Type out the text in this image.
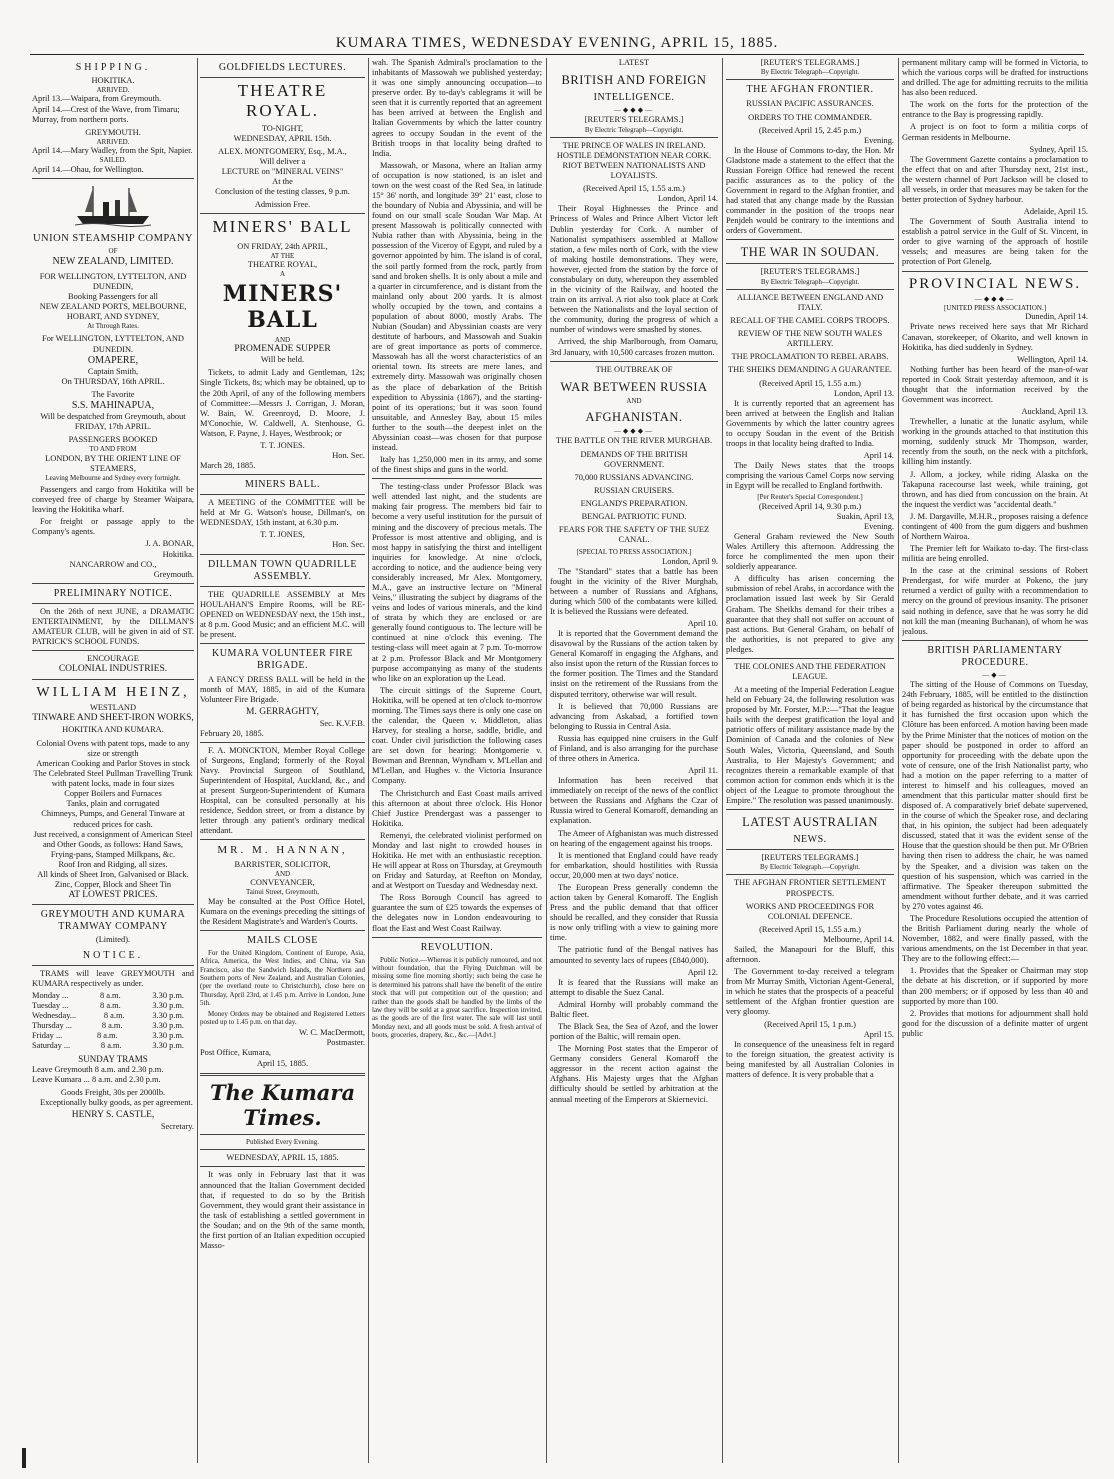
KUMARA TIMES, WEDNESDAY EVENING, APRIL 15, 1885.
SHIPPING.
HOKITIKA.
ARRIVED.
April 13.—Waipara, from Greymouth.
April 14.—Crest of the Wave, from Timaru; Murray, from northern ports.
GREYMOUTH.
ARRIVED.
April 14.—Mary Wadley, from the Spit, Napier.
SAILED.
April 14.—Ohau, for Wellington.
UNION STEAMSHIP COMPANY
OF
NEW ZEALAND, LIMITED.
FOR WELLINGTON, LYTTELTON, AND DUNEDIN,
Booking Passengers for all
NEW ZEALAND PORTS, MELBOURNE, HOBART, AND SYDNEY,
At Through Rates.
For WELLINGTON, LYTTELTON, AND DUNEDIN.
OMAPERE,
Captain Smith,
On THURSDAY, 16th APRIL.
The Favorite
S.S. MAHINAPUA,
Will be despatched from Greymouth, about
FRIDAY, 17th APRIL.
PASSENGERS BOOKED
TO AND FROM
LONDON, BY THE ORIENT LINE OF STEAMERS,
Leaving Melbourne and Sydney every fortnight.

Passengers and cargo from Hokitika will be conveyed free of charge by Steamer Waipara, leaving the Hokitika wharf.

For freight or passage apply to the Company's agents.

J. A. BONAR,
Hokitika.
NANCARROW and CO.,
Greymouth.
PRELIMINARY NOTICE.

On the 26th of next JUNE, a DRAMATIC ENTERTAINMENT, by the DILLMAN'S AMATEUR CLUB, will be given in aid of ST. PATRICK'S SCHOOL FUNDS.

ENCOURAGE
COLONIAL INDUSTRIES.
WILLIAM HEINZ,
WESTLAND
TINWARE AND SHEET-IRON WORKS,
HOKITIKA AND KUMARA.
Colonial Ovens with patent tops, made to any size or strength
American Cooking and Parlor Stoves in stock
The Celebrated Steel Pullman Travelling Trunk with patent locks, made in four sizes
Copper Boilers and Furnaces
Tanks, plain and corrugated
Chimneys, Pumps, and General Tinware at reduced prices for cash.
Just received, a consignment of American Steel and Other Goods, as follows: Hand Saws, Frying-pans, Stamped Milkpans, &c.
Roof Iron and Ridging, all sizes.
All kinds of Sheet Iron, Galvanised or Black.
Zinc, Copper, Block and Sheet Tin
AT LOWEST PRICES.
GREYMOUTH AND KUMARA TRAMWAY COMPANY
(Limited).
NOTICE.

TRAMS will leave GREYMOUTH and KUMARA respectively as under.

Monday ...	8 a.m.	3.30 p.m.
Tuesday ...	8 a.m.	3.30 p.m.
Wednesday...	8 a.m.	3.30 p.m.
Thursday ...	8 a.m.	3.30 p.m.
Friday ...	8 a.m.	3.30 p.m.
Saturday ...	8 a.m.	3.30 p.m.
SUNDAY TRAMS
Leave Greymouth 8 a.m. and 2.30 p.m.
Leave Kumara ... 8 a.m. and 2.30 p.m.
Goods Freight, 30s per 2000lb.

Exceptionally bulky goods, as per agreement.

HENRY S. CASTLE,
Secretary.
GOLDFIELDS LECTURES.
THEATRE ROYAL.
TO-NIGHT,
WEDNESDAY, APRIL 15th.
ALEX. MONTGOMERY, Esq., M.A.,
Will deliver a
LECTURE on "MINERAL VEINS"
At the
Conclusion of the testing classes, 9 p.m.
Admission Free.
MINERS' BALL
ON FRIDAY, 24th APRIL,
AT THE
THEATRE ROYAL,
A
MINERS' BALL
AND
PROMENADE SUPPER
Will be held.

Tickets, to admit Lady and Gentleman, 12s; Single Tickets, 8s; which may be obtained, up to the 20th April, of any of the following members of Committee:—Messrs J. Corrigan, J. Moran, W. Bain, W. Greenroyd, D. Moore, J. M'Conochie, W. Caldwell, A. Stenhouse, G. Watson, F. Payne, J. Hayes, Westbrook; or

T. T. JONES.
Hon. Sec.
March 28, 1885.
MINERS BALL.

A MEETING of the COMMITTEE will be held at Mr G. Watson's house, Dillman's, on WEDNESDAY, 15th instant, at 6.30 p.m.

T. T. JONES,
Hon. Sec.
DILLMAN TOWN QUADRILLE ASSEMBLY.

THE QUADRILLE ASSEMBLY at Mrs HOULAHAN'S Empire Rooms, will be RE-OPENED on WEDNESDAY next, the 15th inst., at 8 p.m. Good Music; and an efficient M.C. will be present.

KUMARA VOLUNTEER FIRE BRIGADE.

A FANCY DRESS BALL will be held in the month of MAY, 1885, in aid of the Kumara Volunteer Fire Brigade.

M. GERRAGHTY,
Sec. K.V.F.B.
February 20, 1885.

F. A. MONCKTON, Member Royal College of Surgeons, England; formerly of the Royal Navy. Provincial Surgeon of Southland, Superintendent of Hospital, Auckland, &c., and at present Surgeon-Superintendent of Kumara Hospital, can be consulted personally at his residence, Seddon street, or from a distance by letter through any patient's ordinary medical attendant.

MR. M. HANNAN,
BARRISTER, SOLICITOR,
AND
CONVEYANCER,
Tainui Street, Greymouth,

May be consulted at the Post Office Hotel, Kumara on the evenings preceding the sittings of the Resident Magistrate's and Warden's Courts.

MAILS CLOSE

For the United Kingdom, Continent of Europe, Asia, Africa, America, the West Indies, and China, via San Francisco, also the Sandwich Islands, the Northern and Southern ports of New Zealand, and Australian Colonies, (per the overland route to Christchurch), close here on Thursday, April 23rd, at 1.45 p.m. Arrive in London, June 5th.

Money Orders may be obtained and Registered Letters posted up to 1.45 p.m. on that day.

W. C. MacDermott,
Postmaster.
Post Office, Kumara,
April 15, 1885.
The Kumara Times.
Published Every Evening.
WEDNESDAY, APRIL 15, 1885.

It was only in February last that it was announced that the Italian Government decided that, if requested to do so by the British Government, they would grant their assistance in the task of establishing a settled government in the Soudan; and on the 9th of the same month, the first portion of an Italian expedition occupied Masso-

wah. The Spanish Admiral's proclamation to the inhabitants of Massowah we published yesterday; it was one simply announcing occupation—to preserve order. By to-day's cablegrams it will be seen that it is currently reported that an agreement has been arrived at between the English and Italian Governments by which the latter country agrees to occupy Soudan in the event of the British troops in that locality being drafted to India.

Massowah, or Masona, where an Italian army of occupation is now stationed, is an islet and town on the west coast of the Red Sea, in latitude 15° 36' north, and longitude 39° 21' east, close to the boundary of Nubia and Abyssinia, and will be found on our small scale Soudan War Map. At present Massowah is politically connected with Nubia rather than with Abyssinia, being in the possession of the Viceroy of Egypt, and ruled by a governor appointed by him. The island is of coral, the soil partly formed from the rock, partly from sand and broken shells. It is only about a mile and a quarter in circumference, and is distant from the mainland only about 200 yards. It is almost wholly occupied by the town, and contains a population of about 8000, mostly Arabs. The Nubian (Soudan) and Abyssinian coasts are very destitute of harbours, and Massowah and Suakin are of great importance as ports of commerce. Massowah has all the worst characteristics of an oriental town. Its streets are mere lanes, and extremely dirty. Massowah was originally chosen as the place of debarkation of the British expedition to Abyssinia (1867), and the starting-point of its operations; but it was soon found unsuitable, and Annesley Bay, about 15 miles further to the south—the deepest inlet on the Abyssinian coast—was chosen for that purpose instead.

Italy has 1,250,000 men in its army, and some of the finest ships and guns in the world.

The testing-class under Professor Black was well attended last night, and the students are making fair progress. The members bid fair to become a very useful institution for the pursuit of mining and the discovery of precious metals. The Professor is most attentive and obliging, and is most happy in satisfying the thirst and intelligent inquiries for knowledge. At nine o'clock, according to notice, and the audience being very considerably increased, Mr Alex. Montgomery, M.A., gave an instructive lecture on "Mineral Veins," illustrating the subject by diagrams of the veins and lodes of various minerals, and the kind of strata by which they are enclosed or are generally found contiguous to. The lecture will be continued at nine o'clock this evening. The testing-class will meet again at 7 p.m. To-morrow at 2 p.m. Professor Black and Mr Montgomery purpose accompanying as many of the students who like on an exploration up the Lead.

The circuit sittings of the Supreme Court, Hokitika, will be opened at ten o'clock to-morrow morning. The Times says there is only one case on the calendar, the Queen v. Middleton, alias Harvey, for stealing a horse, saddle, bridle, and coat. Under civil jurisdiction the following cases are set down for hearing: Montgomerie v. Bowman and Brennan, Wyndham v. M'Lellan and M'Lellan, and Hughes v. the Victoria Insurance Company.

The Christchurch and East Coast mails arrived this afternoon at about three o'clock. His Honor Chief Justice Prendergast was a passenger to Hokitika.

Remenyi, the celebrated violinist performed on Monday and last night to crowded houses in Hokitika. He met with an enthusiastic reception. He will appear at Ross on Thursday, at Greymouth on Friday and Saturday, at Reefton on Monday, and at Westport on Tuesday and Wednesday next.

The Ross Borough Council has agreed to guarantee the sum of £25 towards the expenses of the delegates now in London endeavouring to float the East and West Coast Railway.

REVOLUTION.

Public Notice.—Whereas it is publicly rumoured, and not without foundation, that the Flying Dutchman will be missing some fine morning shortly; such being the case he is determined his patrons shall have the benefit of the entire stock that will put competition out of the question; and rather than the goods shall be handled by the limbs of the law they will be sold at a great sacrifice. Inspection invited, as the goods are of the first water. The sale will last until Monday next, and all goods must be sold. A fresh arrival of boots, groceries, drapery, &c., &c.—[Advt.]

LATEST
BRITISH AND FOREIGN
INTELLIGENCE.
—◆◆◆—
[REUTER'S TELEGRAMS.]
By Electric Telegraph—Copyright.
THE PRINCE OF WALES IN IRELAND.
HOSTILE DEMONSTATION NEAR CORK.
RIOT BETWEEN NATIONALISTS AND LOYALISTS.
(Received April 15, 1.55 a.m.)
London, April 14.

Their Royal Highnesses the Prince and Princess of Wales and Prince Albert Victor left Dublin yesterday for Cork. A number of Nationalist sympathisers assembled at Mallow station, a few miles north of Cork, with the view of making hostile demonstrations. They were, however, ejected from the station by the force of constabulary on duty, whereupon they assembled in the vicinity of the Railway, and hooted the train on its arrival. A riot also took place at Cork between the Nationalists and the loyal section of the community, during the progress of which a number of windows were smashed by stones.

Arrived, the ship Marlborough, from Oamaru, 3rd January, with 10,500 carcases frozen mutton.

THE OUTBREAK OF
WAR BETWEEN RUSSIA
AND
AFGHANISTAN.
—◆◆◆—
THE BATTLE ON THE RIVER MURGHAB.
DEMANDS OF THE BRITISH GOVERNMENT.
70,000 RUSSIANS ADVANCING.
RUSSIAN CRUISERS.
ENGLAND'S PREPARATION.
BENGAL PATRIOTIC FUND.
FEARS FOR THE SAFETY OF THE SUEZ CANAL.
[SPECIAL TO PRESS ASSOCIATION.]
London, April 9.

The "Standard" states that a battle has been fought in the vicinity of the River Murghab, between a number of Russians and Afghans, during which 500 of the combatants were killed. It is believed the Russians were defeated.

April 10.

It is reported that the Government demand the disavowal by the Russians of the action taken by General Komaroff in engaging the Afghans, and also insist upon the return of the Russian forces to the former position. The Times and the Standard insist on the retirement of the Russians from the disputed territory, otherwise war will result.

It is believed that 70,000 Russians are advancing from Askabad, a fortified town belonging to Russia in Central Asia.

Russia has equipped nine cruisers in the Gulf of Finland, and is also arranging for the purchase of three others in America.

April 11.

Information has been received that immediately on receipt of the news of the conflict between the Russians and Afghans the Czar of Russia wired to General Komaroff, demanding an explanation.

The Ameer of Afghanistan was much distressed on hearing of the engagement against his troops.

It is mentioned that England could have ready for embarkation, should hostilities with Russia occur, 20,000 men at two days' notice.

The European Press generally condemn the action taken by General Komaroff. The English Press and the public demand that that officer should be recalled, and they consider that Russia is now only trifling with a view to gaining more time.

The patriotic fund of the Bengal natives has amounted to seventy lacs of rupees (£840,000).

April 12.

It is feared that the Russians will make an attempt to disable the Suez Canal.

Admiral Hornby will probably command the Baltic fleet.

The Black Sea, the Sea of Azof, and the lower portion of the Baltic, will remain open.

The Morning Post states that the Emperor of Germany considers General Komaroff the aggressor in the recent action against the Afghans. His Majesty urges that the Afghan difficulty should be settled by arbitration at the annual meeting of the Emperors at Skiernevici.

[REUTER'S TELEGRAMS.]
By Electric Telegraph—Copyright.
THE AFGHAN FRONTIER.
RUSSIAN PACIFIC ASSURANCES.
ORDERS TO THE COMMANDER.
(Received April 15, 2.45 p.m.)
Evening.

In the House of Commons to-day, the Hon. Mr Gladstone made a statement to the effect that the Russian Foreign Office had renewed the recent pacific assurances as to the policy of the Government in regard to the Afghan frontier, and had stated that any change made by the Russian commander in the position of the troops near Penjdeh would be contrary to the intentions and orders of Government.

THE WAR IN SOUDAN.
[REUTER'S TELEGRAMS.]
By Electric Telegraph—Copyright.
ALLIANCE BETWEEN ENGLAND AND ITALY.
RECALL OF THE CAMEL CORPS TROOPS.
REVIEW OF THE NEW SOUTH WALES ARTILLERY.
THE PROCLAMATION TO REBEL ARABS.
THE SHEIKS DEMANDING A GUARANTEE.
(Received April 15, 1.55 a.m.)
London, April 13.

It is currently reported that an agreement has been arrived at between the English and Italian Governments by which the latter country agrees to occupy Soudan in the event of the British troops in that locality being drafted to India.

April 14.

The Daily News states that the troops comprising the various Camel Corps now serving in Egypt will be recalled to England forthwith.

[Per Reuter's Special Correspondent.]
(Received April 14, 9.30 p.m.)
Suakin, April 13,
Evening.

General Graham reviewed the New South Wales Artillery this afternoon. Addressing the force he complimented the men upon their soldierly appearance.

A difficulty has arisen concerning the submission of rebel Arabs, in accordance with the proclamation issued last week by Sir Gerald Graham. The Sheikhs demand for their tribes a guarantee that they shall not suffer on account of past actions. But General Graham, on behalf of the authorities, is not prepared to give any pledges.

THE COLONIES AND THE FEDERATION LEAGUE.

At a meeting of the Imperial Federation League held on Febuary 24, the following resolution was proposed by Mr. Forster, M.P.:—"That the league hails with the deepest gratification the loyal and patriotic offers of military assistance made by the Dominion of Canada and the colonies of New South Wales, Victoria, Queensland, and South Australia, to Her Majesty's Government; and recognizes therein a remarkable example of that common action for common ends which it is the object of the League to promote throughout the Empire." The resolution was passed unanimously.

LATEST AUSTRALIAN
NEWS.
[REUTERS TELEGRAMS.]
By Electric Telegraph.—Copyright.
THE AFGHAN FRONTIER SETTLEMENT PROSPECTS.
WORKS AND PROCEEDINGS FOR COLONIAL DEFENCE.
(Received April 15, 1.55 a.m.)
Melbourne, April 14.

Sailed, the Manapouri for the Bluff, this afternoon.

The Government to-day received a telegram from Mr Murray Smith, Victorian Agent-General, in which he states that the prospects of a peaceful settlement of the Afghan frontier question are very gloomy.

(Received April 15, 1 p.m.)
April 15.

In consequence of the uneasiness felt in regard to the foreign situation, the greatest activity is being manifested by all Australian Colonies in matters of defence. It is very probable that a

permanent military camp will be formed in Victoria, to which the various corps will be drafted for instructions and drilled. The age for admitting recruits to the militia has also been reduced.

The work on the forts for the protection of the entrance to the Bay is progressing rapidly.

A project is on foot to form a militia corps of German residents in Melbourne.

Sydney, April 15.

The Government Gazette contains a proclamation to the effect that on and after Thursday next, 21st inst., the western channel of Port Jackson will be closed to all vessels, in order that measures may be taken for the better protection of Sydney harbour.

Adelaide, April 15.

The Government of South Australia intend to establish a patrol service in the Gulf of St. Vincent, in order to give warning of the approach of hostile vessels; and measures are being taken for the protection of Port Glenelg.

PROVINCIAL NEWS.
—◆◆◆—
[UNITED PRESS ASSOCIATION.]
Dunedin, April 14.

Private news received here says that Mr Richard Canavan, storekeeper, of Okarito, and well known in Hokitika, has died suddenly in Sydney.

Wellington, April 14.

Nothing further has been heard of the man-of-war reported in Cook Strait yesterday afternoon, and it is thought that the information received by the Government was incorrect.

Auckland, April 13.

Trewheller, a lunatic at the lunatic asylum, while working in the grounds attached to that institution this morning, suddenly struck Mr Thompson, warder, recently from the south, on the neck with a pitchfork, killing him instantly.

J. Allom, a jockey, while riding Alaska on the Takapuna racecourse last week, while training, got thrown, and has died from concussion on the brain. At the inquest the verdict was "accidental death."

J. M. Dargaville, M.H.R., proposes raising a defence contingent of 400 from the gum diggers and bushmen of Northern Wairoa.

The Premier left for Waikato to-day. The first-class militia are being enrolled.

In the case at the criminal sessions of Robert Prendergast, for wife murder at Pokeno, the jury returned a verdict of guilty with a recommendation to mercy on the ground of previous insanity. The prisoner said nothing in defence, save that he was sorry he did not kill the man (meaning Buchanan), of whom he was jealous.

BRITISH PARLIAMENTARY PROCEDURE.
—◆—

The sitting of the House of Commons on Tuesday, 24th February, 1885, will be entitled to the distinction of being regarded as historical by the circumstance that it has furnished the first occasion upon which the Clôture has been enforced. A motion having been made by the Prime Minister that the notices of motion on the paper should be postponed in order to afford an opportunity for proceeding with the debate upon the vote of censure, one of the Irish Nationalist party, who had a motion on the paper referring to a matter of interest to himself and his colleagues, moved an amendment that this particular matter should first be disposed of. A comparatively brief debate supervened, in the course of which the Speaker rose, and declaring that, in his opinion, the subject had been adequately discussed, stated that it was the evident sense of the House that the question should be then put. Mr O'Brien having then risen to address the chair, he was named by the Speaker, and a division was taken on the question of his suspension, which was carried in the affirmative. The Speaker thereupon submitted the amendment without further debate, and it was carried by 270 votes against 46.

The Procedure Resolutions occupied the attention of the British Parliament during nearly the whole of November, 1882, and were finally passed, with the various amendments, on the 1st December in that year. They are to the following effect:—

1. Provides that the Speaker or Chairman may stop the debate at his discretion, or if supported by more than 200 members; or if opposed by less than 40 and supported by more than 100.

2. Provides that motions for adjournment shall hold good for the discussion of a definite matter of urgent public
